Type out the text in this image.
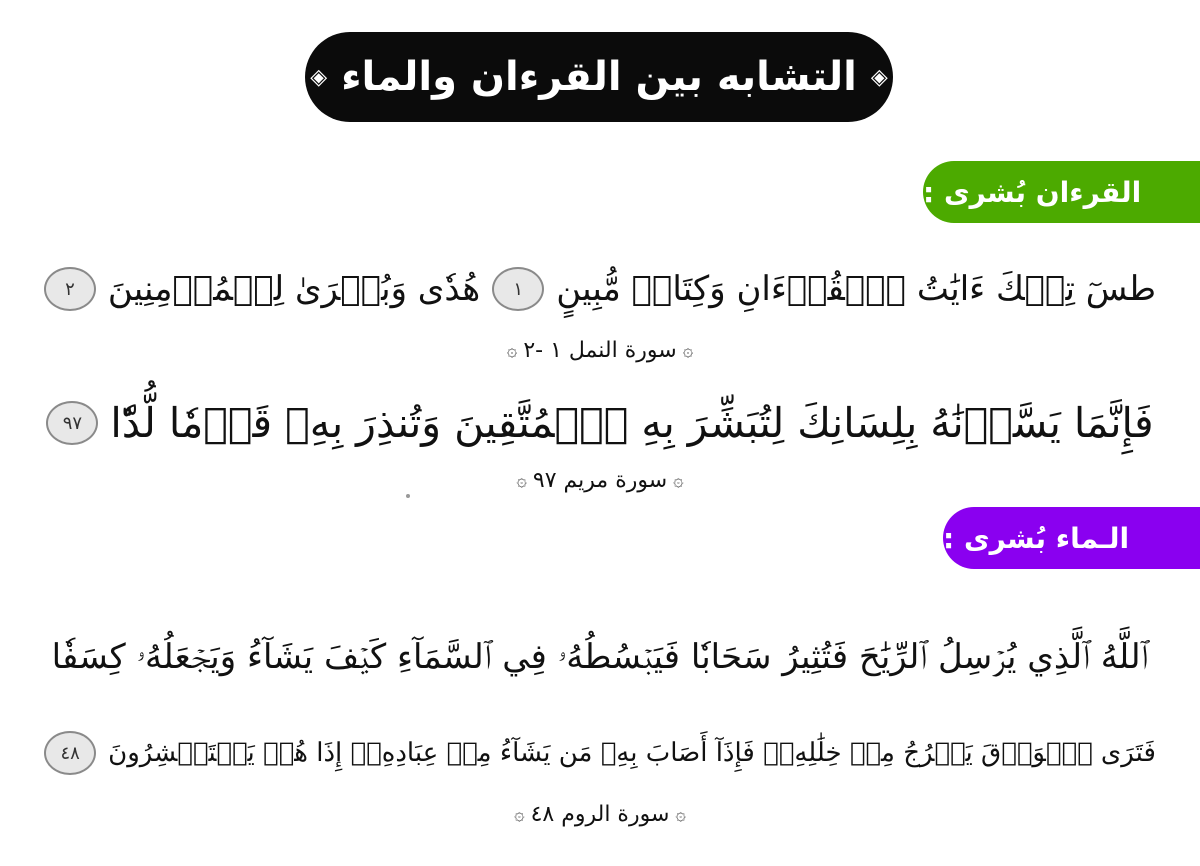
◈ التشابه بين القرءان والماء ◈
القرءان بُشرى :
طسٓ تِلۡكَ ءَايَٰتُ ٱلۡقُرۡءَانِ وَكِتَابٖ مُّبِينٍ
١
هُدٗى وَبُشۡرَىٰ لِلۡمُؤۡمِنِينَ
٢
۞
سورة النمل ١ -٢
۞
فَإِنَّمَا يَسَّرۡنَٰهُ بِلِسَانِكَ لِتُبَشِّرَ بِهِ ٱلۡمُتَّقِينَ وَتُنذِرَ بِهِۦ قَوۡمٗا لُّدّٗا
٩٧
۞
سورة مريم ٩٧
۞
الـماء بُشرى :
ٱللَّهُ ٱلَّذِي يُرۡسِلُ ٱلرِّيَٰحَ فَتُثِيرُ سَحَابٗا فَيَبۡسُطُهُۥ فِي ٱلسَّمَآءِ كَيۡفَ يَشَآءُ وَيَجۡعَلُهُۥ كِسَفٗا
فَتَرَى ٱلۡوَدۡقَ يَخۡرُجُ مِنۡ خِلَٰلِهِۦۖ فَإِذَآ أَصَابَ بِهِۦ مَن يَشَآءُ مِنۡ عِبَادِهِۦٓ إِذَا هُمۡ يَسۡتَبۡشِرُونَ
٤٨
۞
سورة الروم ٤٨
۞
